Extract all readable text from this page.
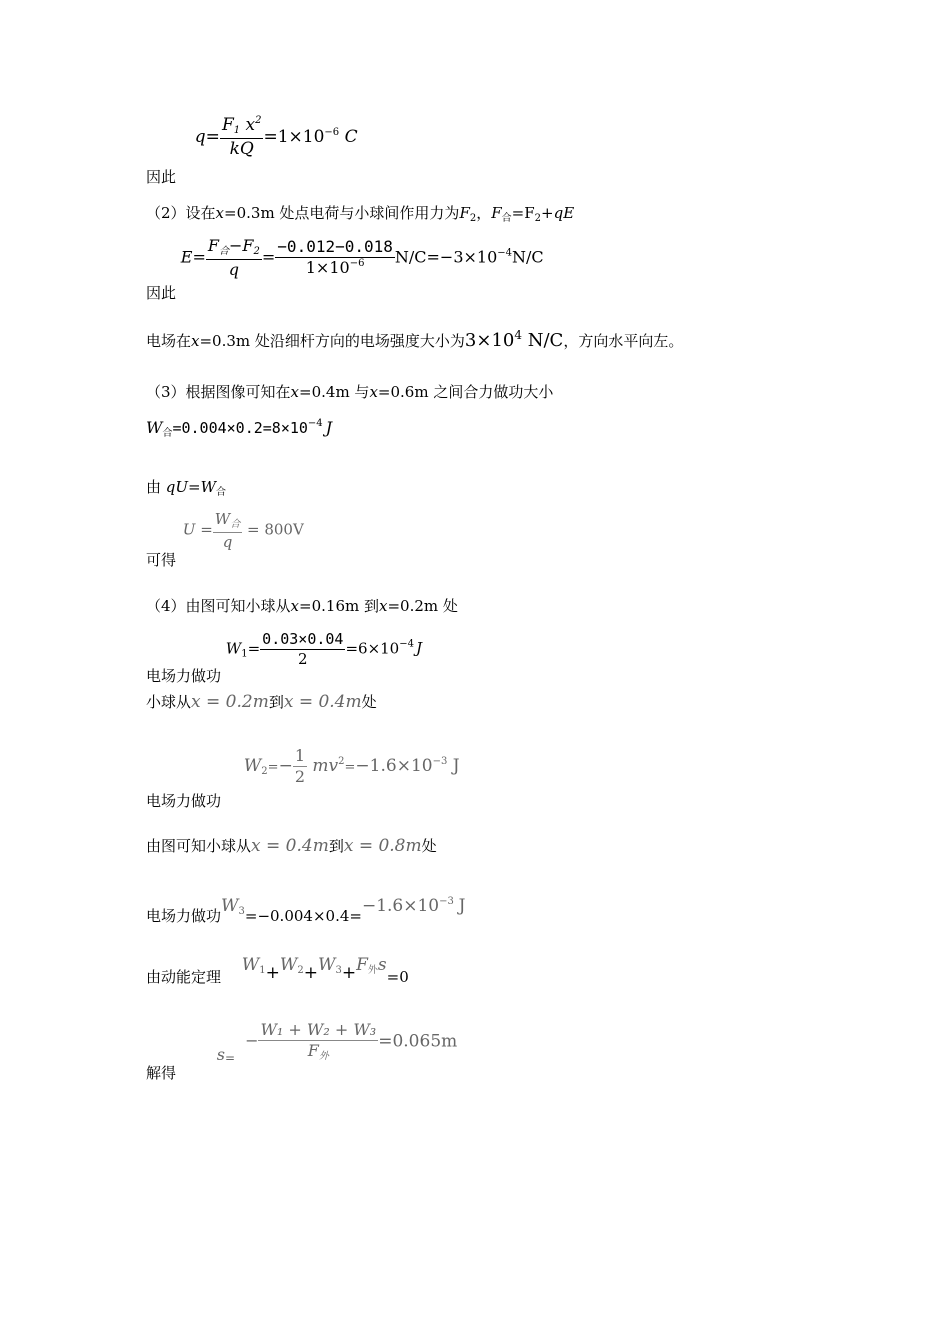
因此 $q= \frac{F_1 x^2}{kQ} =1\times 10^{-6}$ C
（2）设在x=0.3m 处点电荷与小球间作用力为$F_2$，$F_合=F_2+qE$
因此 $E= \frac{F_合-F_2}{q} = \frac{-0.012-0.018}{1\times 10^{-6}} N/C=-3\times 10^{-4}N/C$
电场在x=0.3m 处沿细杆方向的电场强度大小为$3\times 10^4$ N/C，方向水平向左。
（3）根据图像可知在x=0.4m 与x=0.6m 之间合力做功大小
$W_合=0.004\times 0.2=8\times 10^{-4}$ J
由 $qU=W_合$
可得 $U = \frac{W_合}{q} = 800V$
（4）由图可知小球从x=0.16m 到x=0.2m 处
电场力做功 $W_1= \frac{0.03\times 0.04}{2} =6\times 10^{-4}$ J
小球从x = 0.2m到x = 0.4m处
电场力做功 $W_2=- \frac{1}{2} mv^2=-1.6\times 10^{-3}$ J
由图可知小球从x = 0.4m到x = 0.8m处
电场力做功$W_3=-0.004\times 0.4=-1.6\times 10^{-3}$ J
由动能定理 $W_1+W_2+W_3+F_外s=0$
解得 $s_=- \frac{\text{W₁ + W₂ + W₃}}{F_外} =0.065m$
